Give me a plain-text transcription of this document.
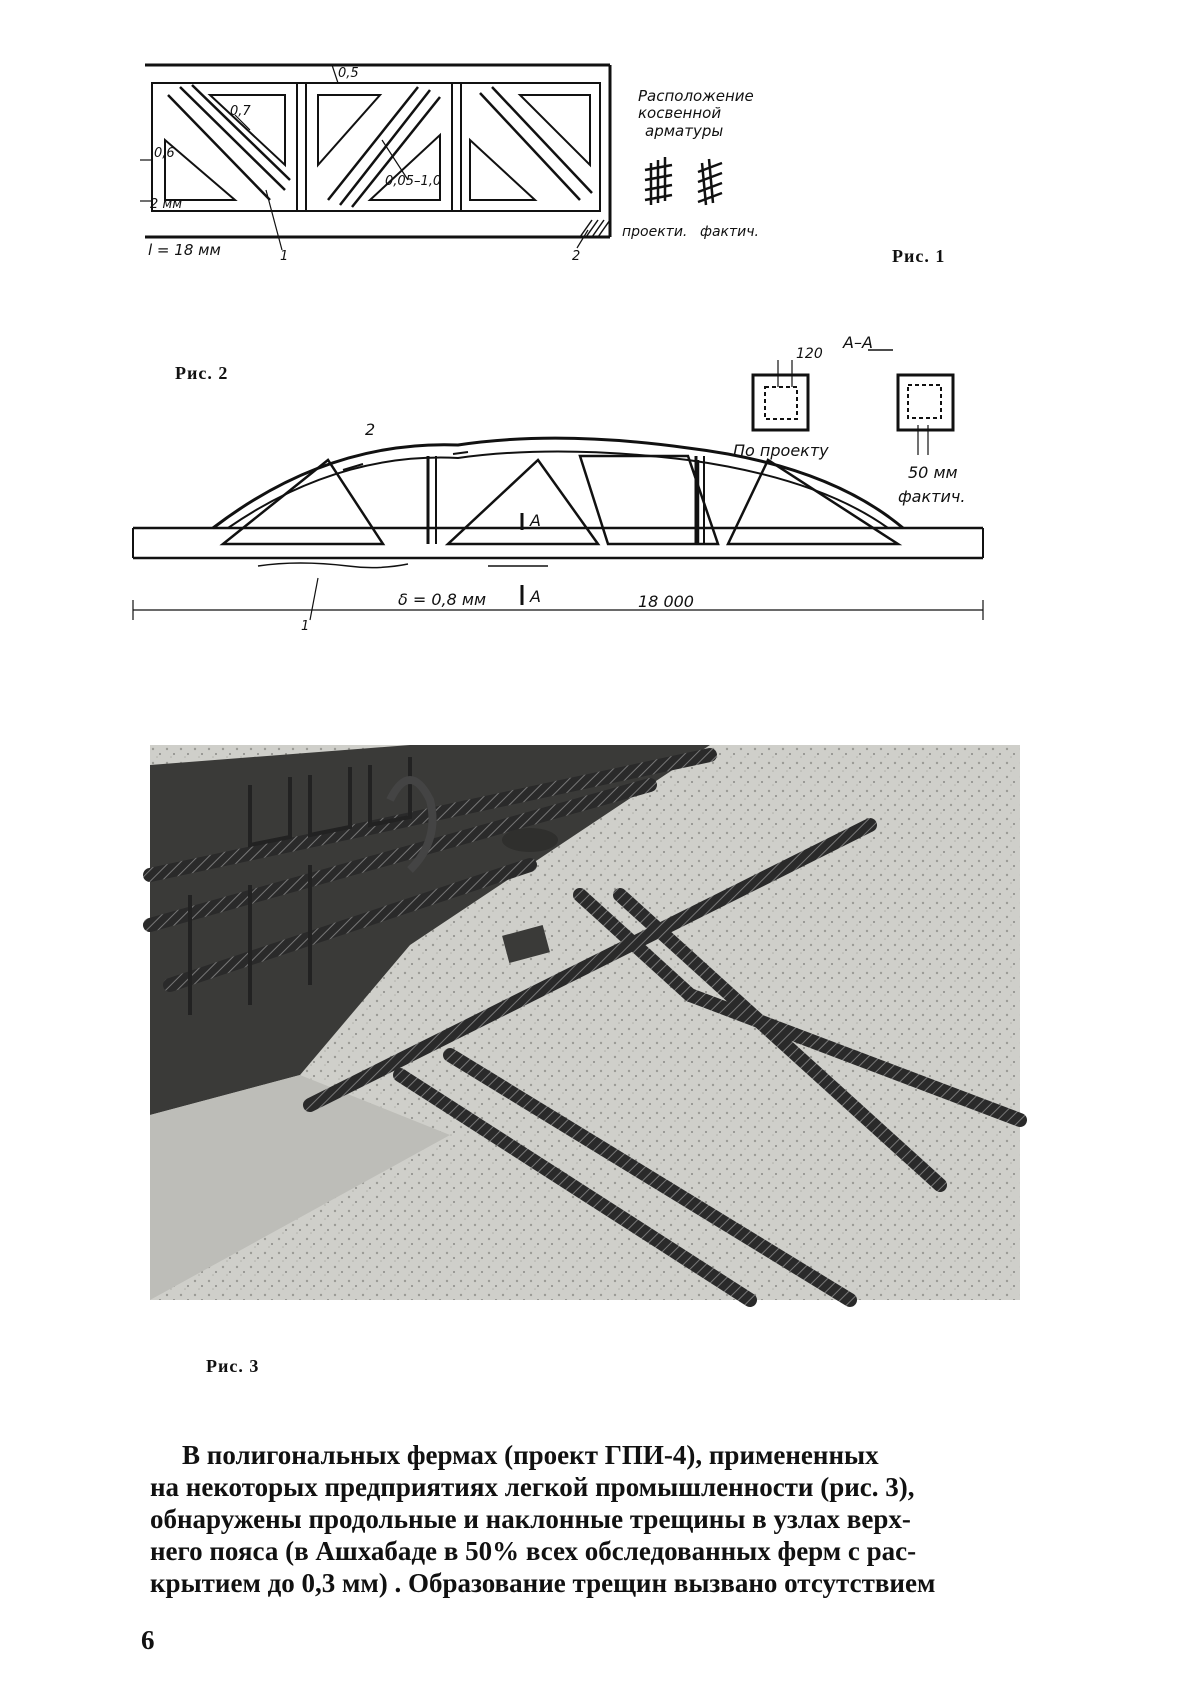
0,5
0,7
0,6
2 мм
0,05–1,0
l = 18 мм	1	2
проекти. фактич.
Расположение
косвенной
арматуры
Рис. 1
Рис. 2
2
А
А
δ = 0,8 мм	18 000
1
А–А
120
По проекту
50 мм
фактич.
Рис. 3
В полигональных фермах (проект ГПИ-4), примененных
на некоторых предприятиях легкой промышленности (рис. 3),
обнаружены продольные и наклонные трещины в узлах верх-
него пояса (в Ашхабаде в 50% всех обследованных ферм с рас-
крытием до 0,3 мм) . Образование трещин вызвано отсутствием
6
